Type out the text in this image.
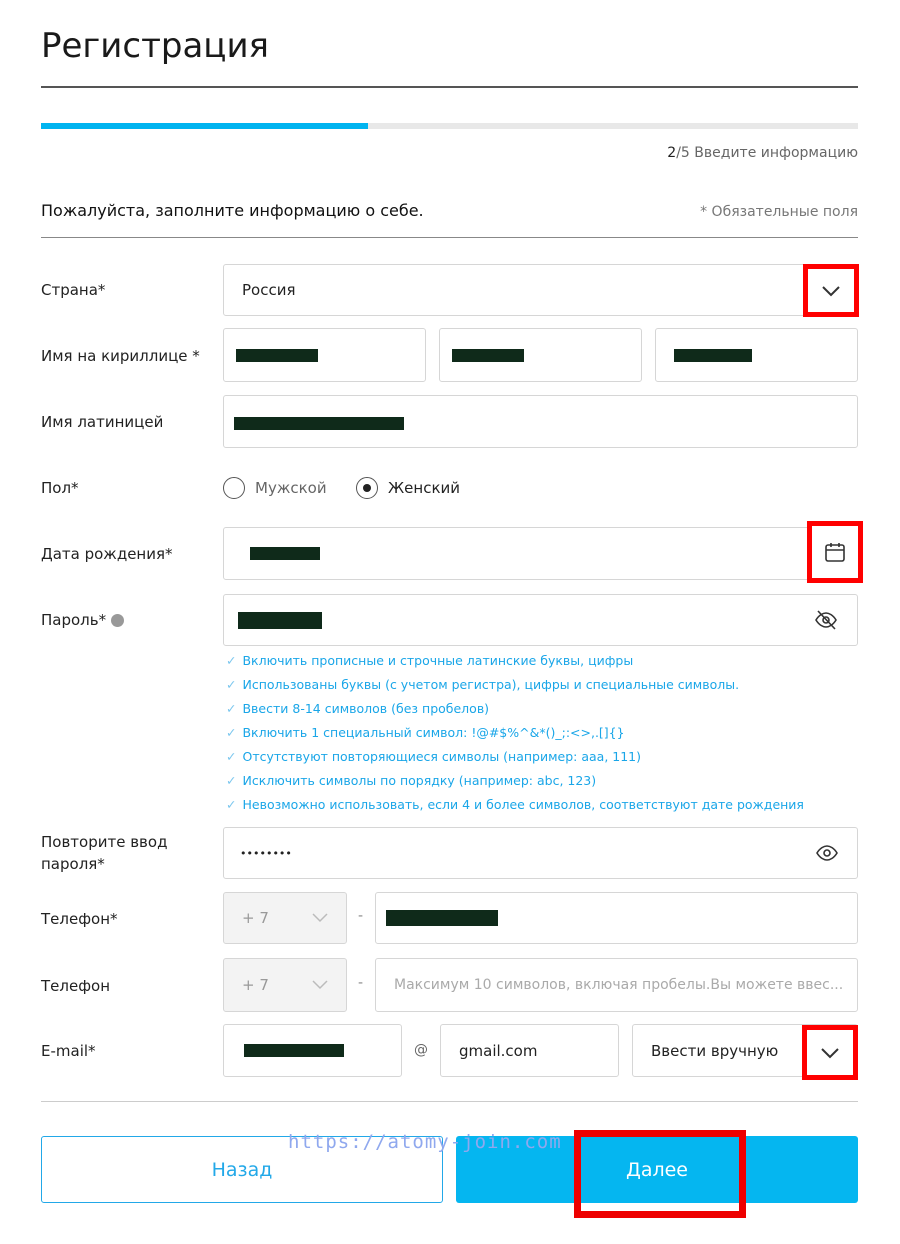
Регистрация
2/5 Введите информацию
Пожалуйста, заполните информацию о себе.	* Обязательные поля
Страна*	Россия
Имя на кириллице *
Имя латиницей
Пол*	Мужской	Женский
Дата рождения*
Пароль*
✓ Включить прописные и строчные латинские буквы, цифры
✓ Использованы буквы (с учетом регистра), цифры и специальные символы.
✓ Ввести 8-14 символов (без пробелов)
✓ Включить 1 специальный символ: !@#$%^&*()_;:<>,.[]{}
✓ Отсутствуют повторяющиеся символы (например: aaa, 111)
✓ Исключить символы по порядку (например: abc, 123)
✓ Невозможно использовать, если 4 и более символов, соответствуют дате рождения
Повторите ввод пароля*
••••••••
Телефон*	+ 7	-
Телефон	+ 7	- Максимум 10 символов, включая пробелы.Вы можете ввес...
E-mail*	@ gmail.com	Ввести вручную
Назад	Далее
https://atomy-join.com
